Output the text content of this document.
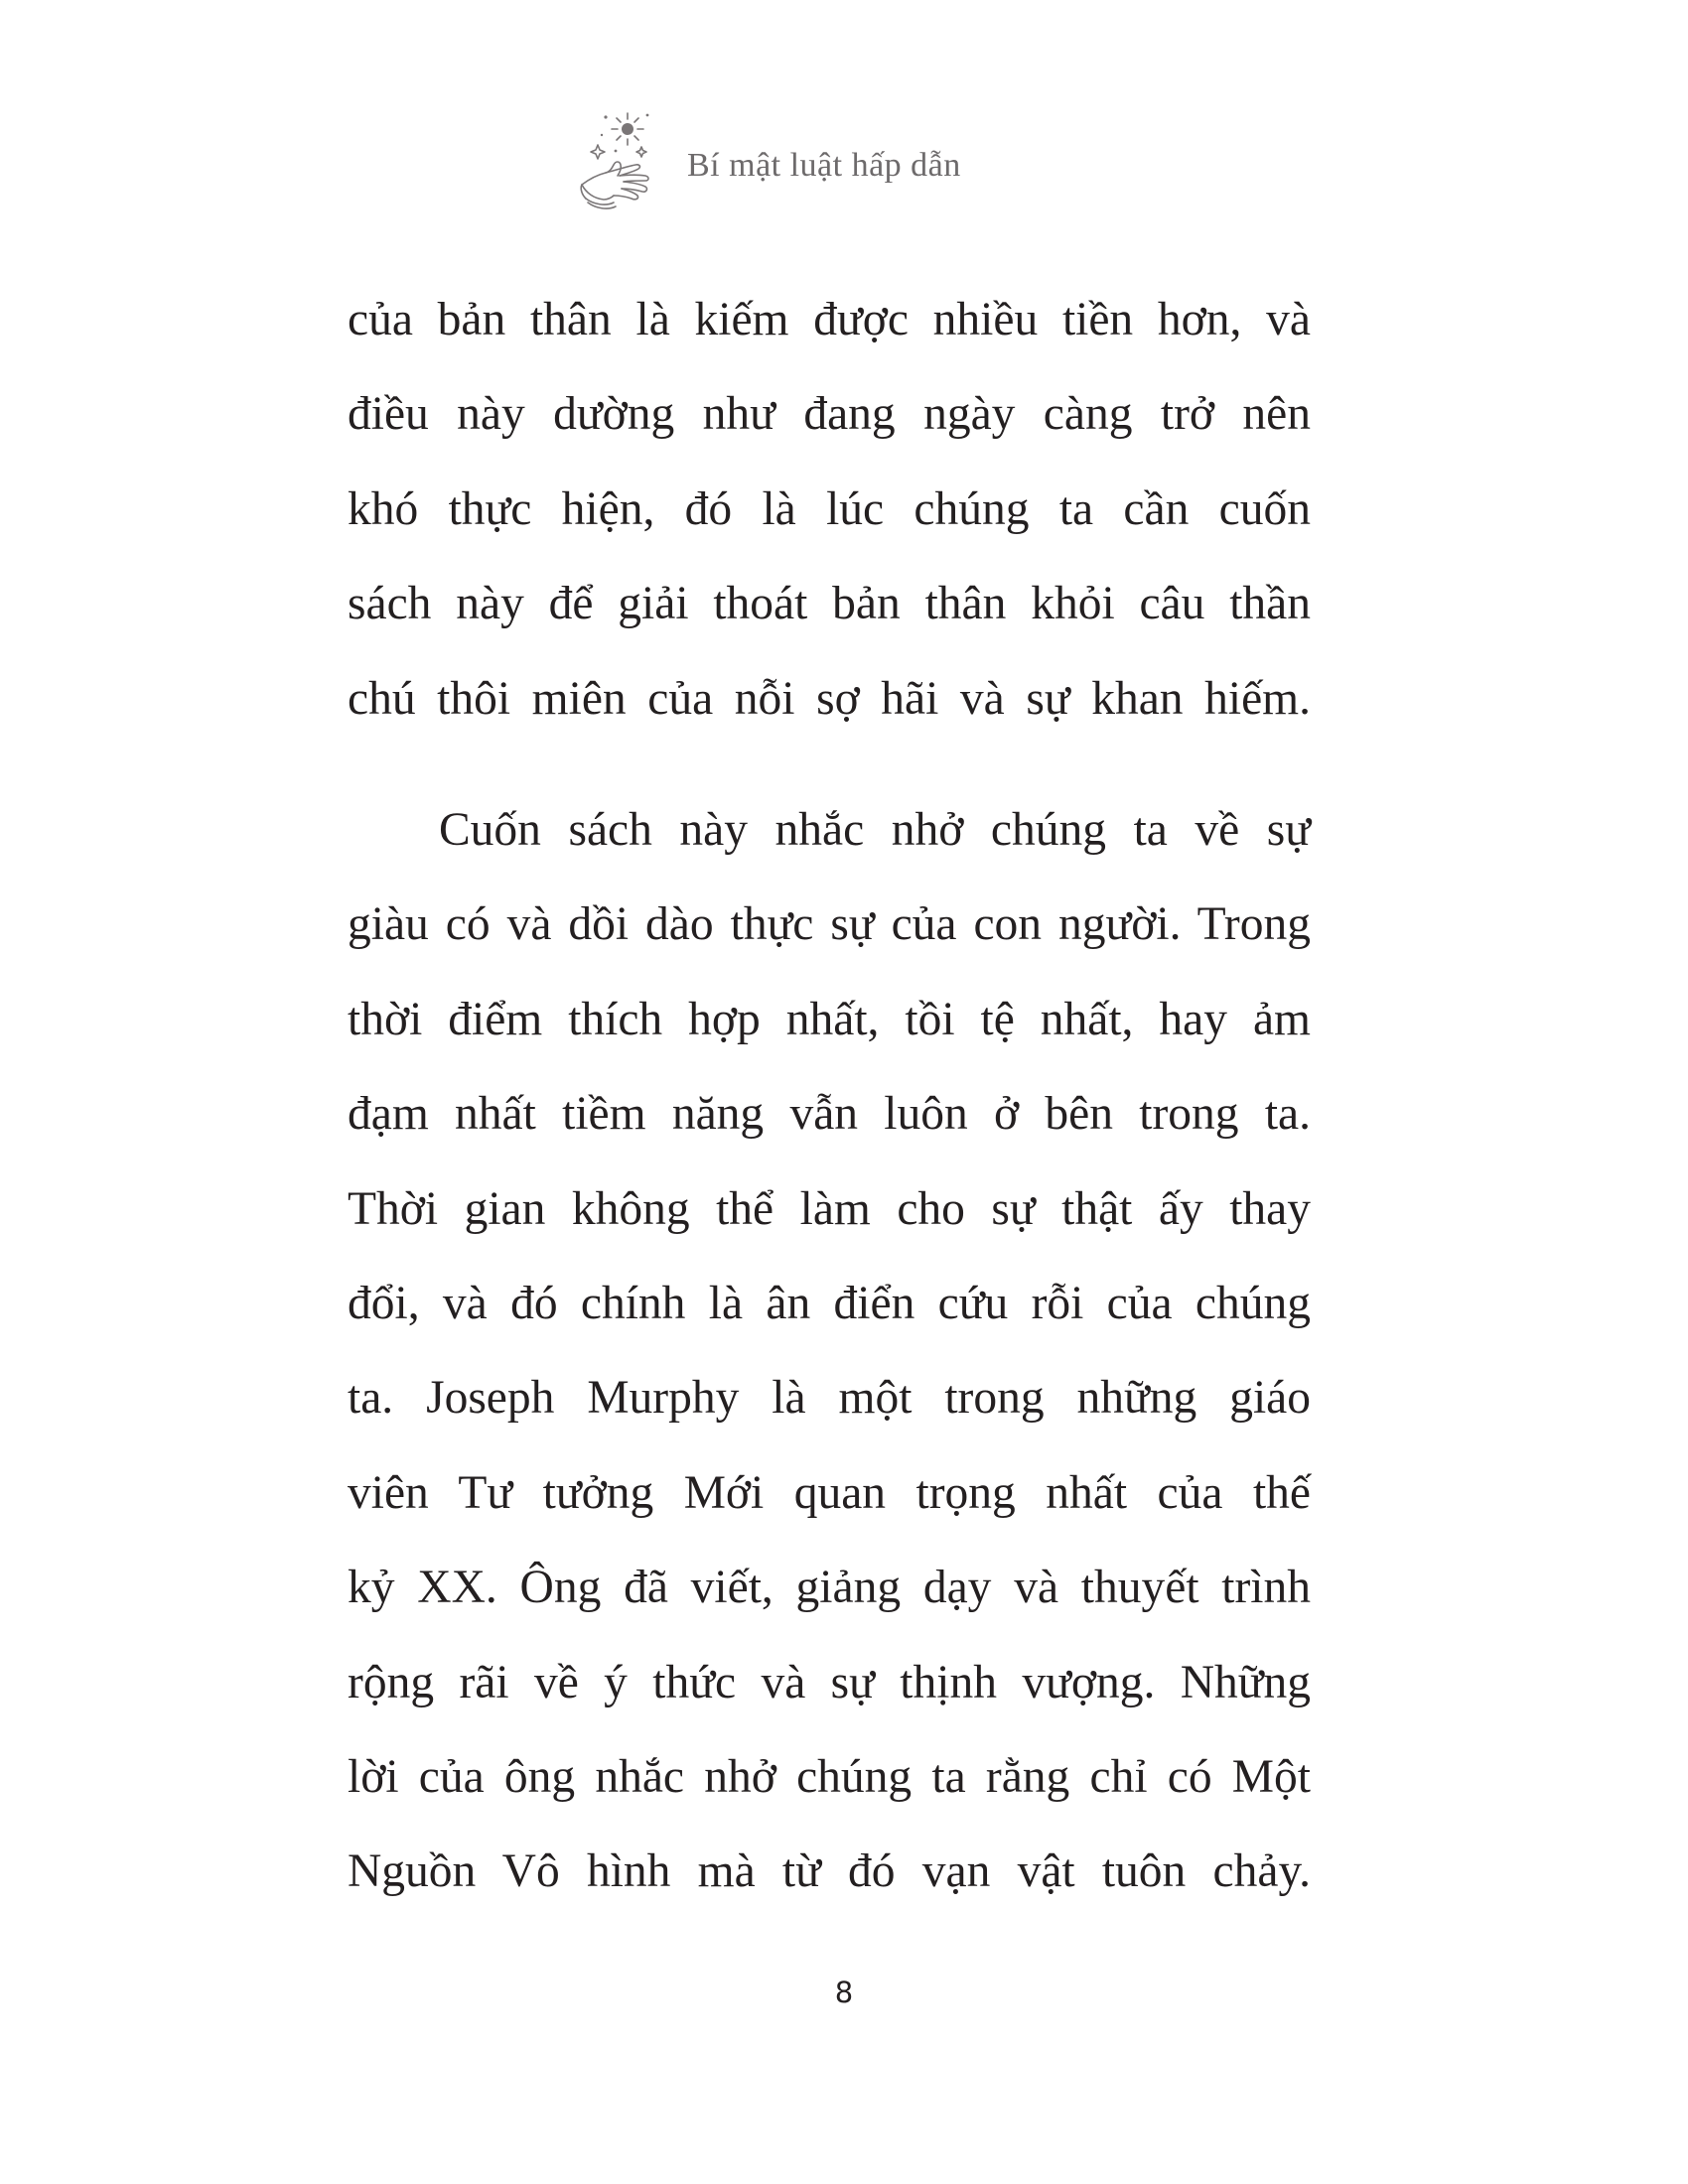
Bí mật luật hấp dẫn
của bản thân là kiếm được nhiều tiền hơn, và
điều này dường như đang ngày càng trở nên
khó thực hiện, đó là lúc chúng ta cần cuốn
sách này để giải thoát bản thân khỏi câu thần
chú thôi miên của nỗi sợ hãi và sự khan hiếm.
Cuốn sách này nhắc nhở chúng ta về sự
giàu có và dồi dào thực sự của con người. Trong
thời điểm thích hợp nhất, tồi tệ nhất, hay ảm
đạm nhất tiềm năng vẫn luôn ở bên trong ta.
Thời gian không thể làm cho sự thật ấy thay
đổi, và đó chính là ân điển cứu rỗi của chúng
ta. Joseph Murphy là một trong những giáo
viên Tư tưởng Mới quan trọng nhất của thế
kỷ XX. Ông đã viết, giảng dạy và thuyết trình
rộng rãi về ý thức và sự thịnh vượng. Những
lời của ông nhắc nhở chúng ta rằng chỉ có Một
Nguồn Vô hình mà từ đó vạn vật tuôn chảy.
8
